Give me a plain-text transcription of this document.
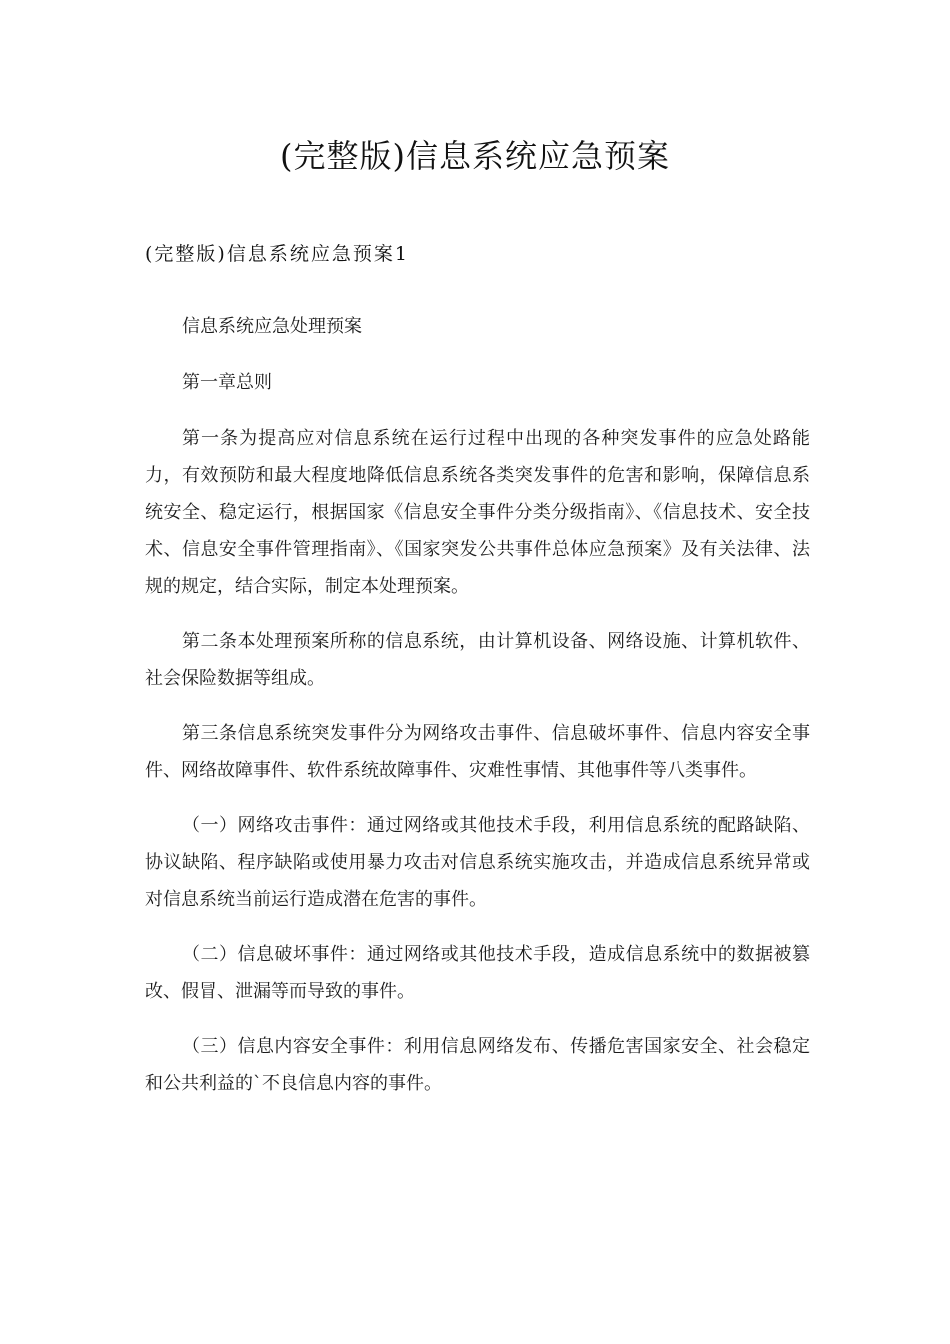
(完整版)信息系统应急预案
(完整版)信息系统应急预案1

信息系统应急处理预案

第一章总则

第一条为提高应对信息系统在运行过程中出现的各种突发事件的应急处路能力，有效预防和最大程度地降低信息系统各类突发事件的危害和影响，保障信息系统安全、稳定运行，根据国家《信息安全事件分类分级指南》、《信息技术、安全技术、信息安全事件管理指南》、《国家突发公共事件总体应急预案》及有关法律、法规的规定，结合实际，制定本处理预案。

第二条本处理预案所称的信息系统，由计算机设备、网络设施、计算机软件、社会保险数据等组成。

第三条信息系统突发事件分为网络攻击事件、信息破坏事件、信息内容安全事件、网络故障事件、软件系统故障事件、灾难性事情、其他事件等八类事件。

（一）网络攻击事件：通过网络或其他技术手段，利用信息系统的配路缺陷、协议缺陷、程序缺陷或使用暴力攻击对信息系统实施攻击，并造成信息系统异常或对信息系统当前运行造成潜在危害的事件。

（二）信息破坏事件：通过网络或其他技术手段，造成信息系统中的数据被篡改、假冒、泄漏等而导致的事件。

（三）信息内容安全事件：利用信息网络发布、传播危害国家安全、社会稳定和公共利益的`不良信息内容的事件。
